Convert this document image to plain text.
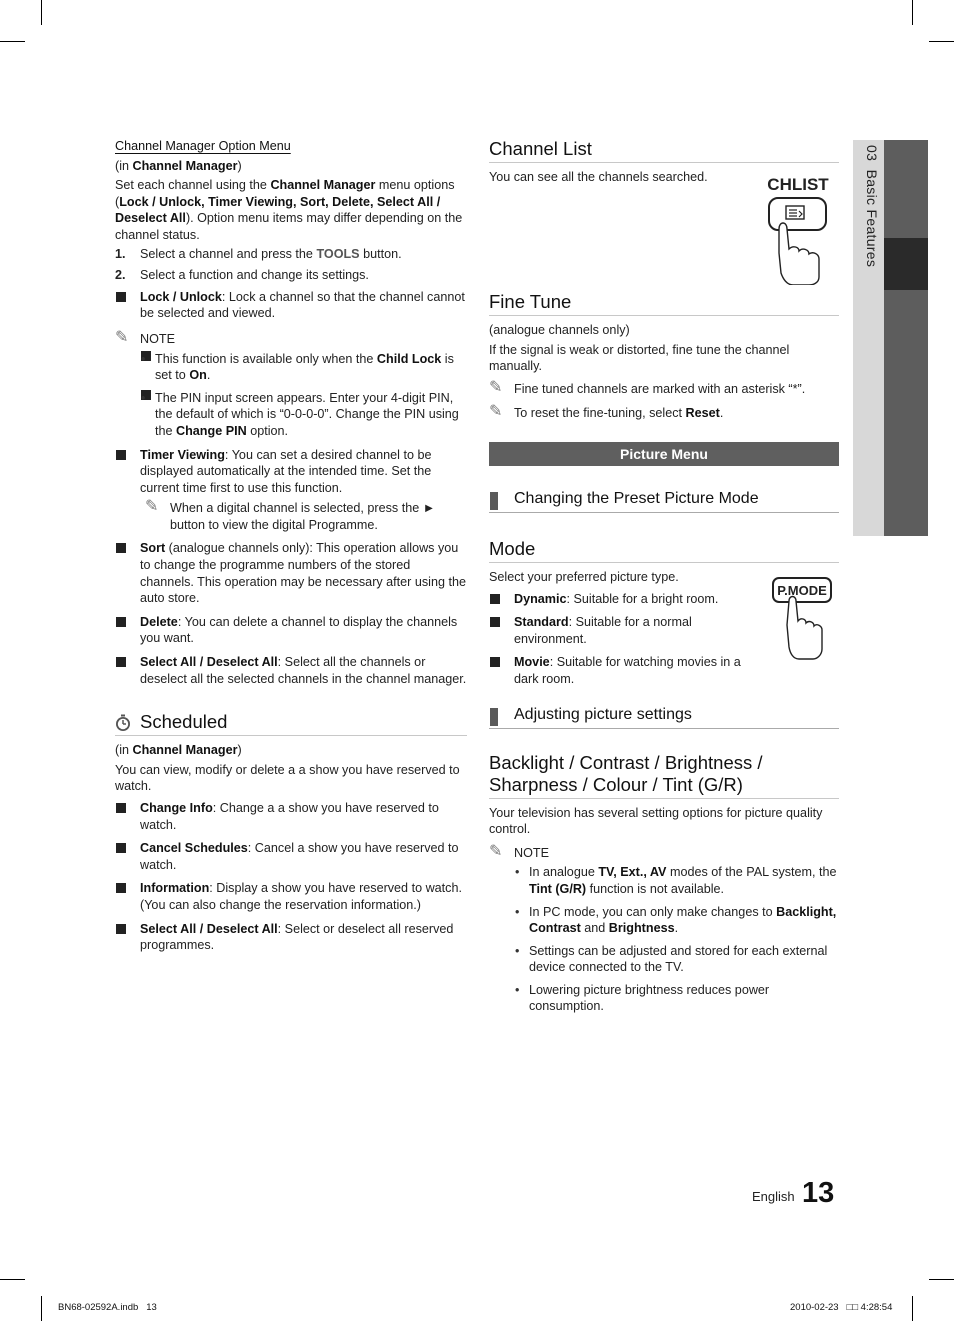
03  Basic Features
Channel Manager Option Menu

(in Channel Manager)

Set each channel using the Channel Manager menu options (Lock / Unlock, Timer Viewing, Sort, Delete, Select All / Deselect All). Option menu items may differ depending on the channel status.

1. Select a channel and press the TOOLS button.
2. Select a function and change its settings.
Lock / Unlock: Lock a channel so that the channel cannot be selected and viewed.
✎ NOTE
• This function is available only when the Child Lock is set to On.
• The PIN input screen appears. Enter your 4-digit PIN, the default of which is “0-0-0-0”. Change the PIN using the Change PIN option.
Timer Viewing: You can set a desired channel to be displayed automatically at the intended time. Set the current time first to use this function.
✎ When a digital channel is selected, press the ► button to view the digital Programme.
Sort (analogue channels only): This operation allows you to change the programme numbers of the stored channels. This operation may be necessary after using the auto store.
Delete: You can delete a channel to display the channels you want.
Select All / Deselect All: Select all the channels or deselect all the selected channels in the channel manager.
Scheduled

(in Channel Manager)

You can view, modify or delete a a show you have reserved to watch.

Change Info: Change a a show you have reserved to watch.
Cancel Schedules: Cancel a show you have reserved to watch.
Information: Display a show you have reserved to watch. (You can also change the reservation information.)
Select All / Deselect All: Select or deselect all reserved programmes.
Channel List

You can see all the channels searched.	CHLIST
Fine Tune

(analogue channels only)

If the signal is weak or distorted, fine tune the channel manually.

✎ Fine tuned channels are marked with an asterisk “*”.
✎ To reset the fine-tuning, select Reset.
Picture Menu
Changing the Preset Picture Mode
Mode

Select your preferred picture type.

Dynamic: Suitable for a bright room.
Standard: Suitable for a normal environment.
Movie: Suitable for watching movies in a dark room.
P.MODE
Adjusting picture settings
Backlight / Contrast / Brightness / Sharpness / Colour / Tint (G/R)

Your television has several setting options for picture quality control.

✎ NOTE
• In analogue TV, Ext., AV modes of the PAL system, the Tint (G/R) function is not available.
• In PC mode, you can only make changes to Backlight, Contrast and Brightness.
• Settings can be adjusted and stored for each external device connected to the TV.
• Lowering picture brightness reduces power consumption.
English 13
BN68-02592A.indb   13	2010-02-23 □□ 4:28:54
